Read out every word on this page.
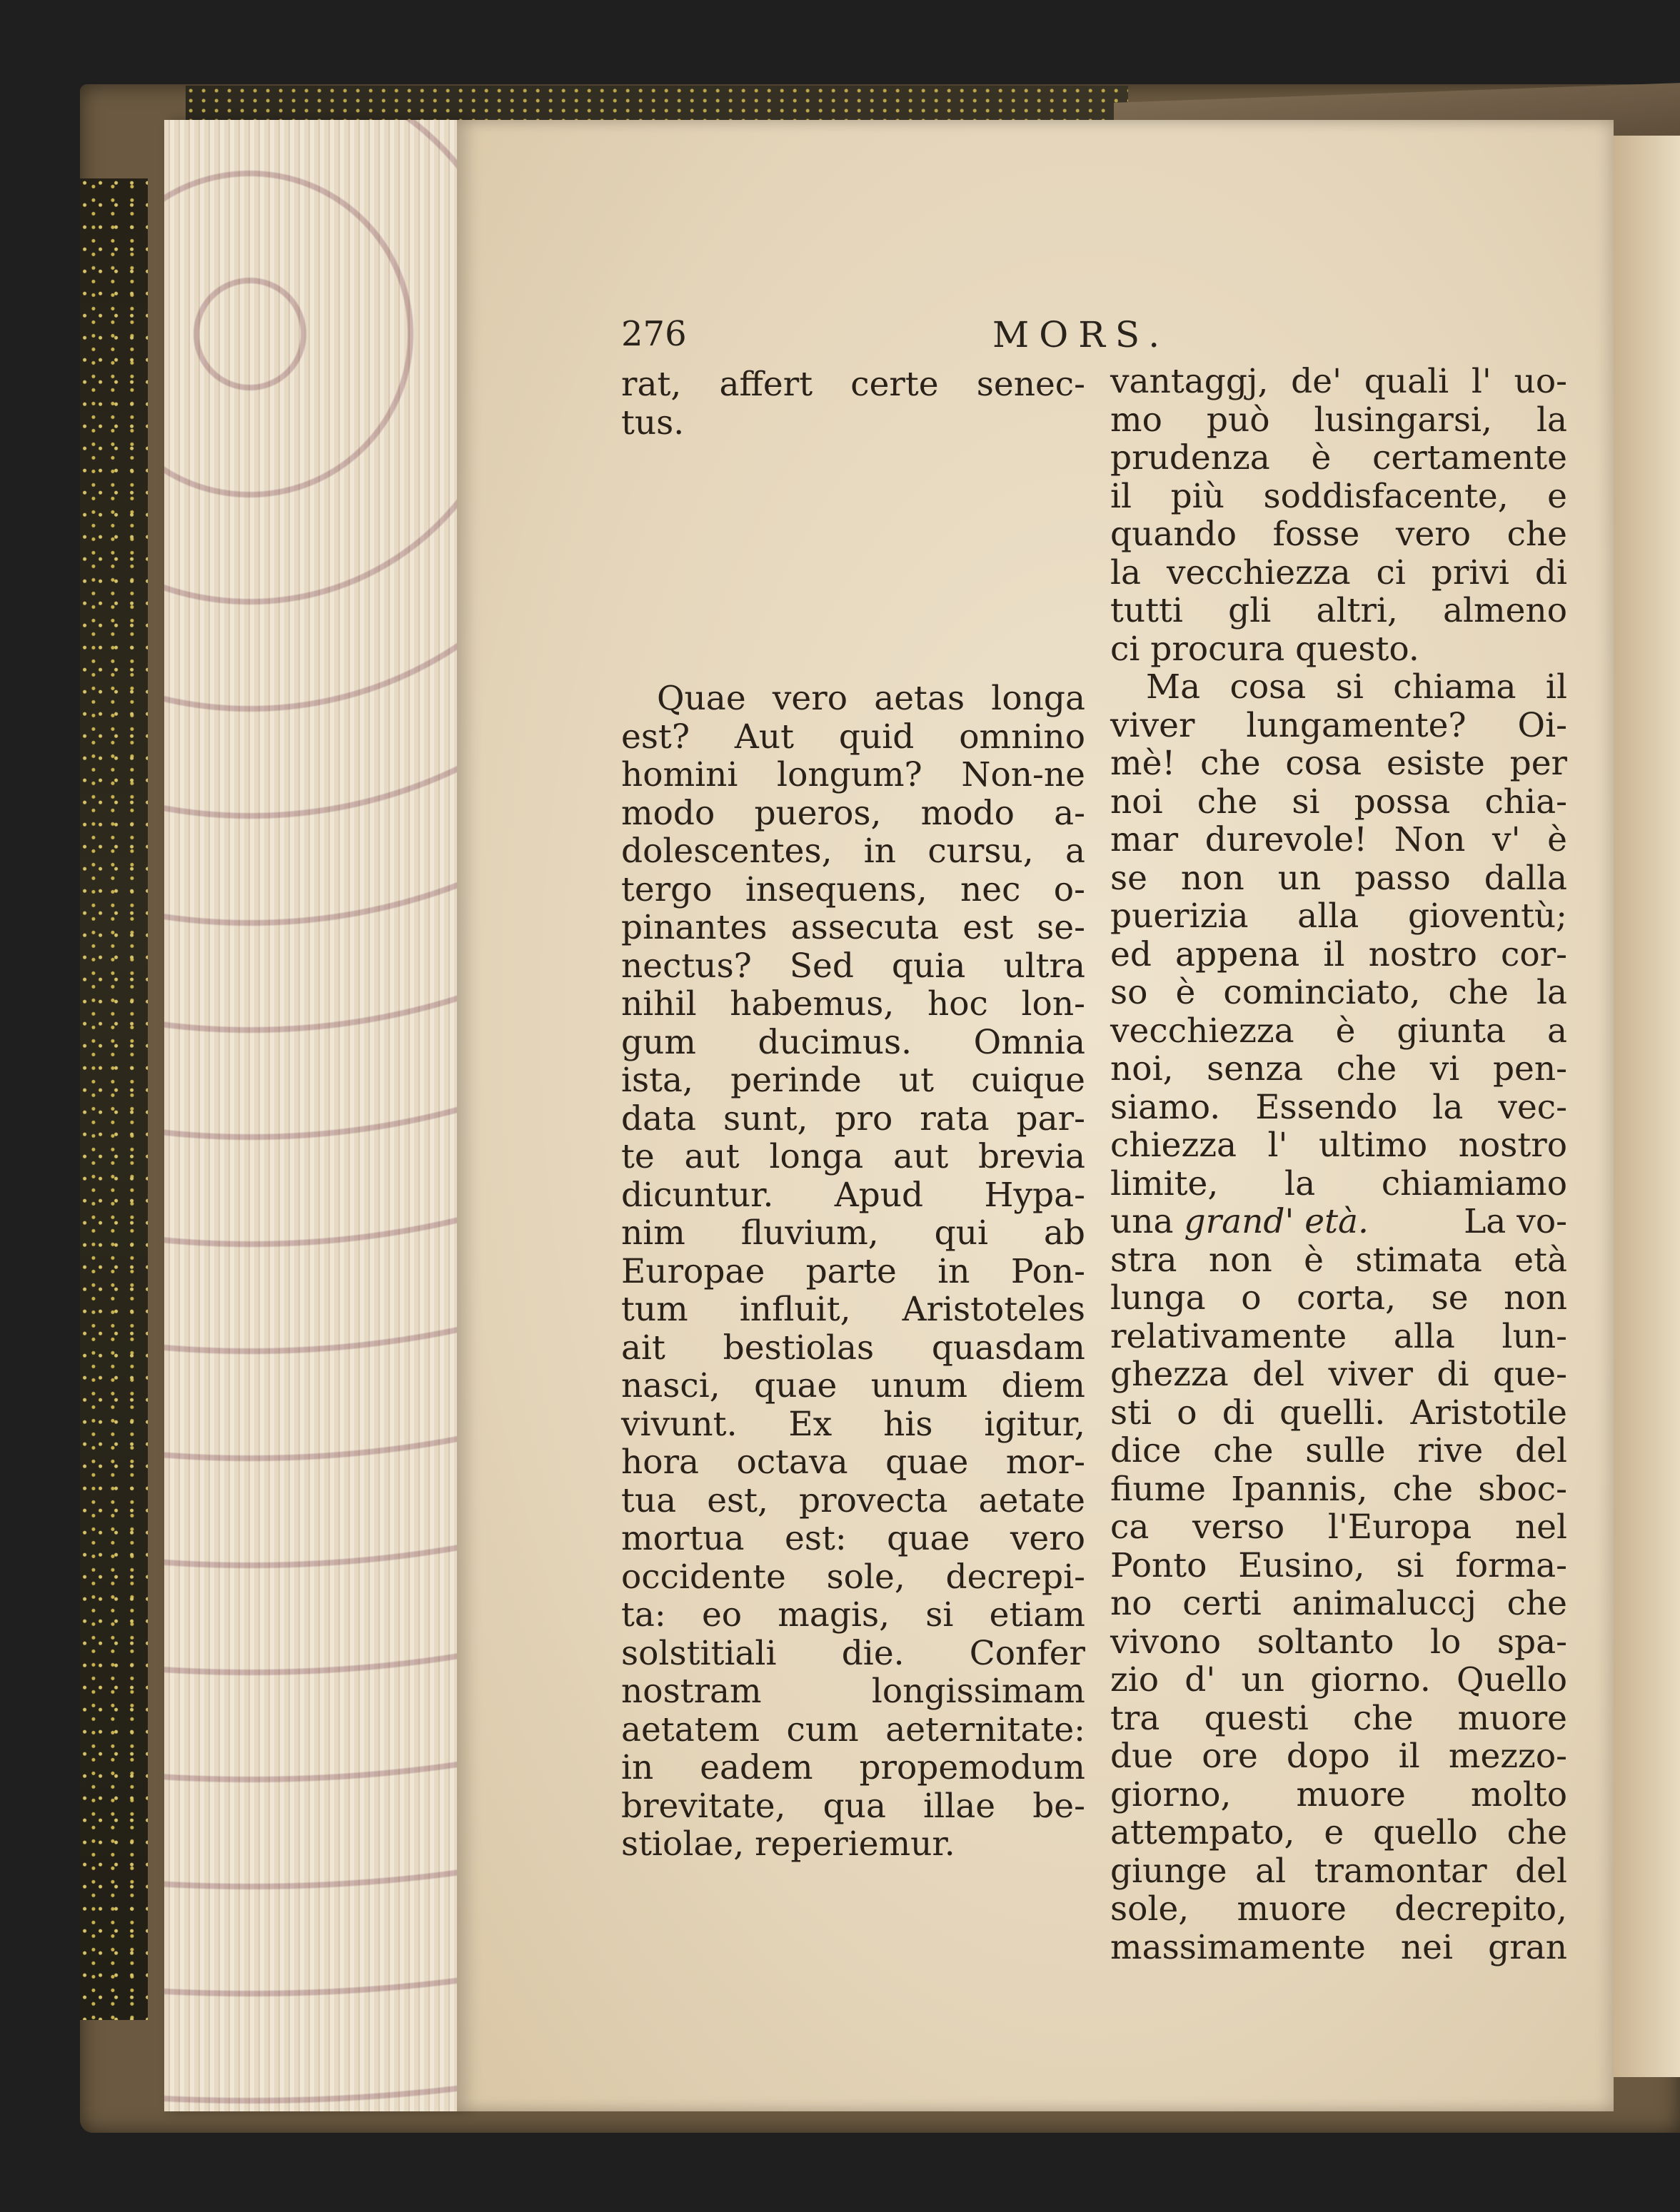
276	MORS.
rat, affert certe senec-
tus.
Quae vero aetas longa
est? Aut quid omnino
homini longum? Non-ne
modo pueros, modo a-
dolescentes, in cursu, a
tergo insequens, nec o-
pinantes assecuta est se-
nectus? Sed quia ultra
nihil habemus, hoc lon-
gum ducimus. Omnia
ista, perinde ut cuique
data sunt, pro rata par-
te aut longa aut brevia
dicuntur. Apud Hypa-
nim fluvium, qui ab
Europae parte in Pon-
tum influit, Aristoteles
ait bestiolas quasdam
nasci, quae unum diem
vivunt. Ex his igitur,
hora octava quae mor-
tua est, provecta aetate
mortua est: quae vero
occidente sole, decrepi-
ta: eo magis, si etiam
solstitiali die. Confer
nostram longissimam
aetatem cum aeternitate:
in eadem propemodum
brevitate, qua illae be-
stiolae, reperiemur.
vantaggj, de' quali l' uo-
mo può lusingarsi, la
prudenza è certamente
il più soddisfacente, e
quando fosse vero che
la vecchiezza ci privi di
tutti gli altri, almeno
ci procura questo.
Ma cosa si chiama il
viver lungamente? Oi-
mè! che cosa esiste per
noi che si possa chia-
mar durevole! Non v' è
se non un passo dalla
puerizia alla gioventù;
ed appena il nostro cor-
so è cominciato, che la
vecchiezza è giunta a
noi, senza che vi pen-
siamo. Essendo la vec-
chiezza l' ultimo nostro
limite, la chiamiamo
una grand' età.	La vo-
stra non è stimata età
lunga o corta, se non
relativamente alla lun-
ghezza del viver di que-
sti o di quelli. Aristotile
dice che sulle rive del
fiume Ipannis, che sboc-
ca verso l'Europa nel
Ponto Eusino, si forma-
no certi animaluccj che
vivono soltanto lo spa-
zio d' un giorno. Quello
tra questi che muore
due ore dopo il mezzo-
giorno, muore molto
attempato, e quello che
giunge al tramontar del
sole, muore decrepito,
massimamente nei gran
